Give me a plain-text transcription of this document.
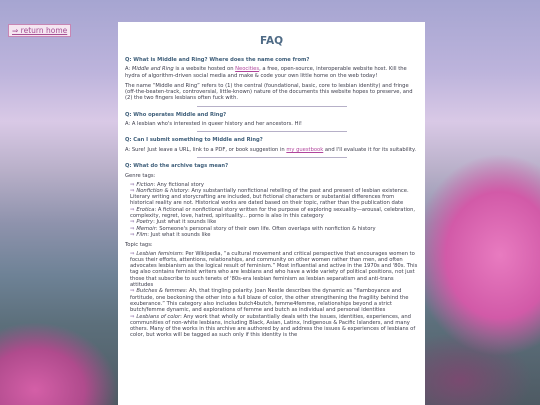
⇒ return home
FAQ
Q: What is Middle and Ring? Where does the name come from?
A: Middle and Ring is a website hosted on Neocities, a free, open-source, interoperable website host. Kill the hydra of algorithm-driven social media and make & code your own little home on the web today!
The name “Middle and Ring” refers to (1) the central (foundational, basic, core to lesbian identity) and fringe (off-the-beaten-track, controversial, little-known) nature of the documents this website hopes to preserve, and (2) the two fingers lesbians often fuck with.
Q: Who operates Middle and Ring?
A: A lesbian who's interested in queer history and her ancestors. Hi!
Q: Can I submit something to Middle and Ring?
A: Sure! Just leave a URL, link to a PDF, or book suggestion in my guestbook and I'll evaluate it for its suitability.
Q: What do the archive tags mean?
Genre tags:
⇒ Fiction: Any fictional story
⇒ Nonfiction & history: Any substantially nonfictional retelling of the past and present of lesbian existence. Literary writing and storycrafting are included, but fictional characters or substantial differences from historical reality are not. Historical works are dated based on their topic, rather than the publication date
⇒ Erotica: A fictional or nonfictional story written for the purpose of exploring sexuality—arousal, celebration, complexity, regret, love, hatred, spirituality... porno is also in this category
⇒ Poetry: Just what it sounds like
⇒ Memoir: Someone's personal story of their own life. Often overlaps with nonfiction & history
⇒ Film: Just what it sounds like
Topic tags:
⇒ Lesbian feminism: Per Wikipedia, “a cultural movement and critical perspective that encourages women to focus their efforts, attentions, relationships, and community on other women rather than men, and often advocates lesbianism as the logical result of feminism.” Most influential and active in the 1970s and '80s. This tag also contains feminist writers who are lesbians and who have a wide variety of political positions, not just those that subscribe to such tenets of '80s-era lesbian feminism as lesbian separatism and anti-trans attitudes
⇒ Butches & femmes: Ah, that tingling polarity. Joan Nestle describes the dynamic as “flamboyance and fortitude, one beckoning the other into a full blaze of color, the other strengthening the fragility behind the exuberance.” This category also includes butch4butch, femme4femme, relationships beyond a strict butch/femme dynamic, and explorations of femme and butch as individual and personal identities
⇒ Lesbians of color: Any work that wholly or substantially deals with the issues, identities, experiences, and communities of non-white lesbians, including Black, Asian, Latinx, Indigenous & Pacific Islanders, and many others. Many of the works in this archive are authored by and address the issues & experiences of lesbians of color, but works will be tagged as such only if this identity is the
